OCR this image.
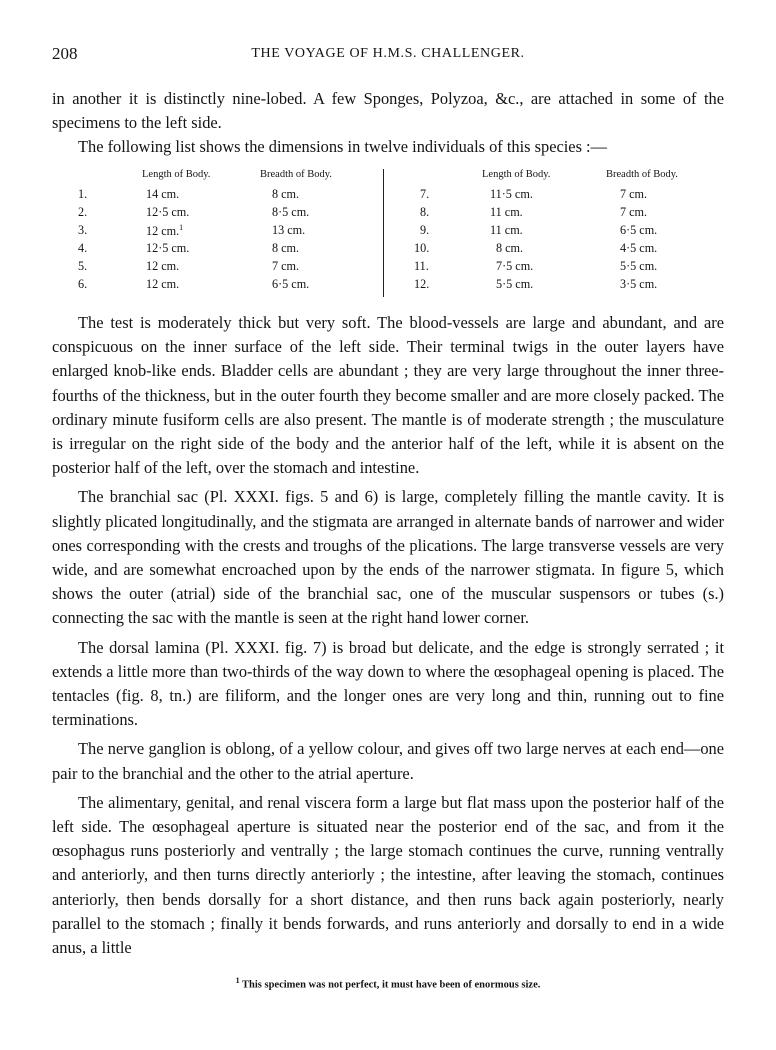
208	THE VOYAGE OF H.M.S. CHALLENGER.

in another it is distinctly nine-lobed. A few Sponges, Polyzoa, &c., are attached in some of the specimens to the left side.

The following list shows the dimensions in twelve individuals of this species :—

Length of Body.	Breadth of Body.	Length of Body.	Breadth of Body.
1.	14 cm.	8 cm.
2.	12·5 cm.	8·5 cm.
3.	12 cm.$^1$	13 cm.
4.	12·5 cm.	8 cm.
5.	12 cm.	7 cm.
6.	12 cm.	6·5 cm.
7.	11·5 cm.	7 cm.
8.	11 cm.	7 cm.
9.	11 cm.	6·5 cm.
10.	8 cm.	4·5 cm.
11.	7·5 cm.	5·5 cm.
12.	5·5 cm.	3·5 cm.

The test is moderately thick but very soft. The blood-vessels are large and abundant, and are conspicuous on the inner surface of the left side. Their terminal twigs in the outer layers have enlarged knob-like ends. Bladder cells are abundant ; they are very large throughout the inner three-fourths of the thickness, but in the outer fourth they become smaller and are more closely packed. The ordinary minute fusiform cells are also present. The mantle is of moderate strength ; the musculature is irregular on the right side of the body and the anterior half of the left, while it is absent on the posterior half of the left, over the stomach and intestine.

The branchial sac (Pl. XXXI. figs. 5 and 6) is large, completely filling the mantle cavity. It is slightly plicated longitudinally, and the stigmata are arranged in alternate bands of narrower and wider ones corresponding with the crests and troughs of the plications. The large transverse vessels are very wide, and are somewhat encroached upon by the ends of the narrower stigmata. In figure 5, which shows the outer (atrial) side of the branchial sac, one of the muscular suspensors or tubes (s.) connecting the sac with the mantle is seen at the right hand lower corner.

The dorsal lamina (Pl. XXXI. fig. 7) is broad but delicate, and the edge is strongly serrated ; it extends a little more than two-thirds of the way down to where the œsophageal opening is placed. The tentacles (fig. 8, tn.) are filiform, and the longer ones are very long and thin, running out to fine terminations.

The nerve ganglion is oblong, of a yellow colour, and gives off two large nerves at each end—one pair to the branchial and the other to the atrial aperture.

The alimentary, genital, and renal viscera form a large but flat mass upon the posterior half of the left side. The œsophageal aperture is situated near the posterior end of the sac, and from it the œsophagus runs posteriorly and ventrally ; the large stomach continues the curve, running ventrally and anteriorly, and then turns directly anteriorly ; the intestine, after leaving the stomach, continues anteriorly, then bends dorsally for a short distance, and then runs back again posteriorly, nearly parallel to the stomach ; finally it bends forwards, and runs anteriorly and dorsally to end in a wide anus, a little

$^1$ This specimen was not perfect, it must have been of enormous size.
